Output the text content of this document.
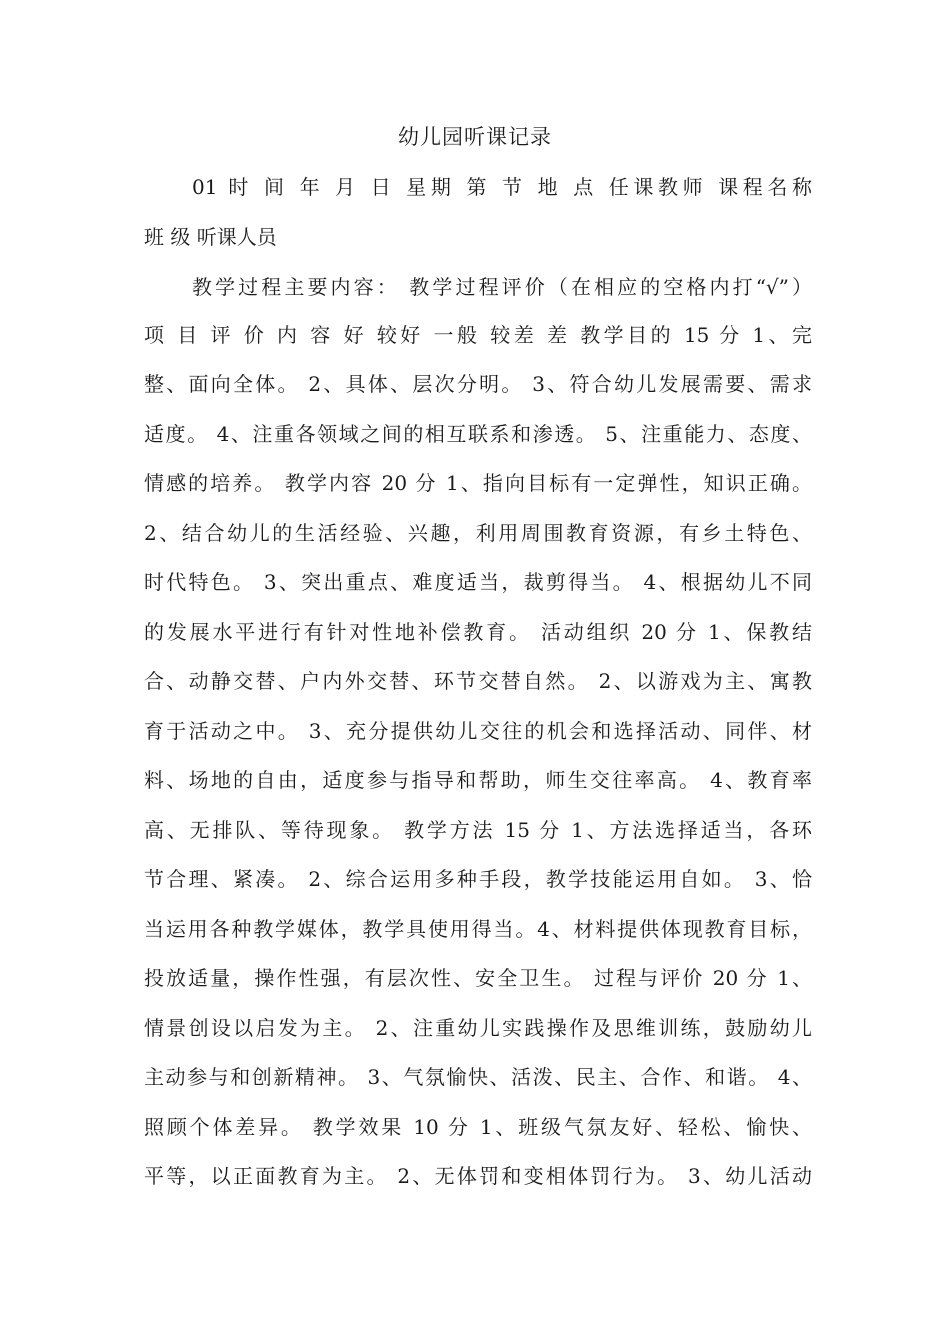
幼儿园听课记录
01 时 间 年 月 日 星期 第 节 地 点 任课教师 课程名称
班 级 听课人员
教学过程主要内容： 教学过程评价（在相应的空格内打“√”）
项 目 评 价 内 容 好 较好 一般 较差 差 教学目的 15 分 1、完
整、面向全体。 2、具体、层次分明。 3、符合幼儿发展需要、需求
适度。 4、注重各领域之间的相互联系和渗透。 5、注重能力、态度、
情感的培养。 教学内容 20 分 1、指向目标有一定弹性，知识正确。
2、结合幼儿的生活经验、兴趣，利用周围教育资源，有乡土特色、
时代特色。 3、突出重点、难度适当，裁剪得当。 4、根据幼儿不同
的发展水平进行有针对性地补偿教育。 活动组织 20 分 1、保教结
合、动静交替、户内外交替、环节交替自然。 2、以游戏为主、寓教
育于活动之中。 3、充分提供幼儿交往的机会和选择活动、同伴、材
料、场地的自由，适度参与指导和帮助，师生交往率高。 4、教育率
高、无排队、等待现象。 教学方法 15 分 1、方法选择适当，各环
节合理、紧凑。 2、综合运用多种手段，教学技能运用自如。 3、恰
当运用各种教学媒体，教学具使用得当。4、材料提供体现教育目标，
投放适量，操作性强，有层次性、安全卫生。 过程与评价 20 分 1、
情景创设以启发为主。 2、注重幼儿实践操作及思维训练，鼓励幼儿
主动参与和创新精神。 3、气氛愉快、活泼、民主、合作、和谐。 4、
照顾个体差异。 教学效果 10 分 1、班级气氛友好、轻松、愉快、
平等，以正面教育为主。 2、无体罚和变相体罚行为。 3、幼儿活动
